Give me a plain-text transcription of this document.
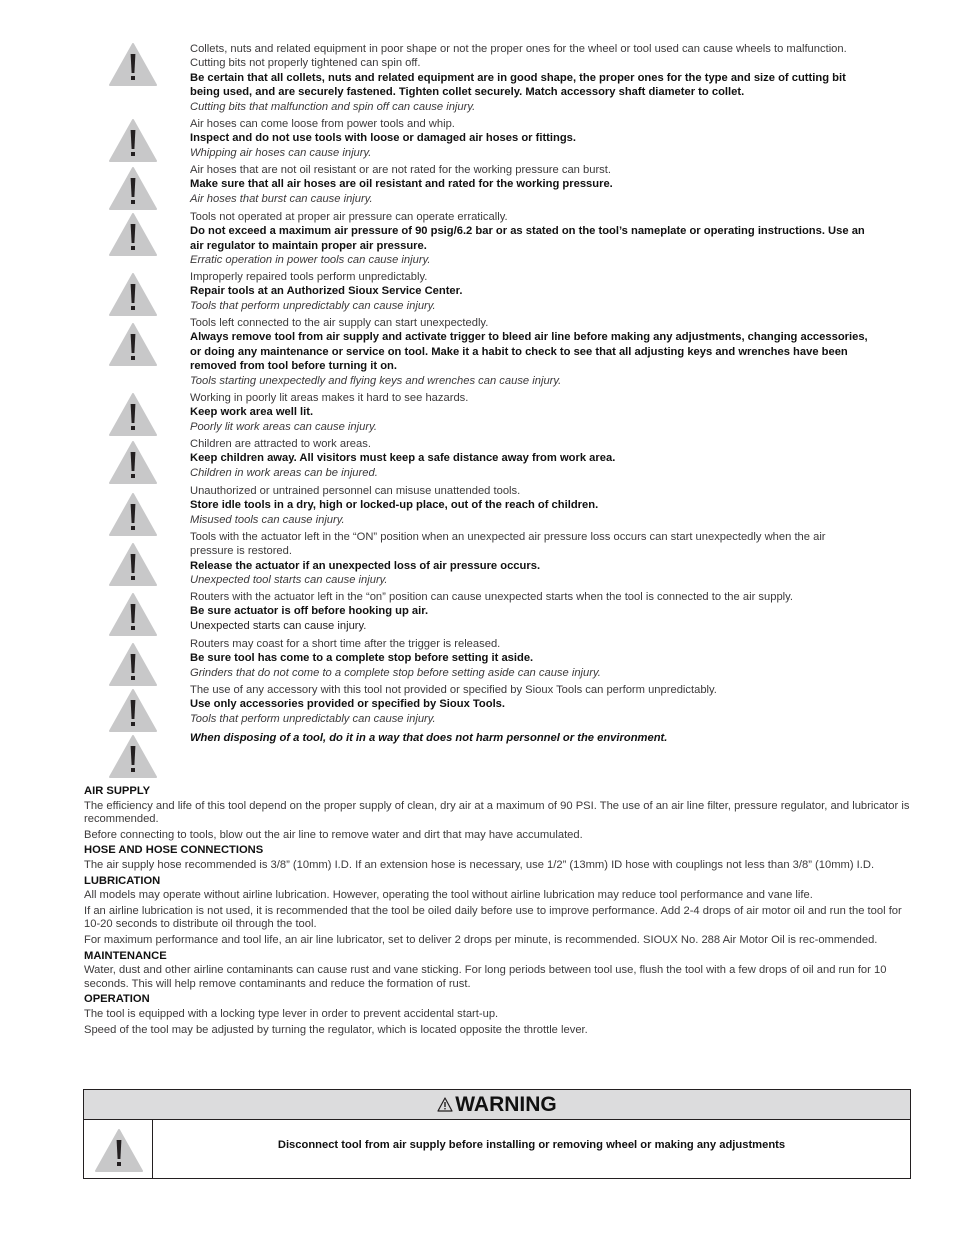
Collets, nuts and related equipment in poor shape or not the proper ones for the wheel or tool used can cause wheels to malfunction.
Cutting bits not properly tightened can spin off.
Be certain that all collets, nuts and related equipment are in good shape, the proper ones for the type and size of cutting bit
being used, and are securely fastened. Tighten collet securely. Match accessory shaft diameter to collet.
Cutting bits that malfunction and spin off can cause injury.
Air hoses can come loose from power tools and whip.
Inspect and do not use tools with loose or damaged air hoses or fittings.
Whipping air hoses can cause injury.
Air hoses that are not oil resistant or are not rated for the working pressure can burst.
Make sure that all air hoses are oil resistant and rated for the working pressure.
Air hoses that burst can cause injury.
Tools not operated at proper air pressure can operate erratically.
Do not exceed a maximum air pressure of 90 psig/6.2 bar or as stated on the tool’s nameplate or operating instructions. Use an
air regulator to maintain proper air pressure.
Erratic operation in power tools can cause injury.
Improperly repaired tools perform unpredictably.
Repair tools at an Authorized Sioux Service Center.
Tools that perform unpredictably can cause injury.
Tools left connected to the air supply can start unexpectedly.
Always remove tool from air supply and activate trigger to bleed air line before making any adjustments, changing accessories,
or doing any maintenance or service on tool. Make it a habit to check to see that all adjusting keys and wrenches have been
removed from tool before turning it on.
Tools starting unexpectedly and flying keys and wrenches can cause injury.
Working in poorly lit areas makes it hard to see hazards.
Keep work area well lit.
Poorly lit work areas can cause injury.
Children are attracted to work areas.
Keep children away. All visitors must keep a safe distance away from work area.
Children in work areas can be injured.
Unauthorized or untrained personnel can misuse unattended tools.
Store idle tools in a dry, high or locked-up place, out of the reach of children.
Misused tools can cause injury.
Tools with the actuator left in the “ON” position when an unexpected air pressure loss occurs can start unexpectedly when the air
pressure is restored.
Release the actuator if an unexpected loss of air pressure occurs.
Unexpected tool starts can cause injury.
Routers with the actuator left in the “on” position can cause unexpected starts when the tool is connected to the air supply.
Be sure actuator is off before hooking up air.
Unexpected starts can cause injury.
Routers may coast for a short time after the trigger is released.
Be sure tool has come to a complete stop before setting it aside.
Grinders that do not come to a complete stop before setting aside can cause injury.
The use of any accessory with this tool not provided or specified by Sioux Tools can perform unpredictably.
Use only accessories provided or specified by Sioux Tools.
Tools that perform unpredictably can cause injury.
When disposing of a tool, do it in a way that does not harm personnel or the environment.
AIR SUPPLY
The efficiency and life of this tool depend on the proper supply of clean, dry air at a maximum of 90 PSI. The use of an air line filter, pressure regulator, and lubricator is recommended.
Before connecting to tools, blow out the air line to remove water and dirt that may have accumulated.
HOSE AND HOSE CONNECTIONS
The air supply hose recommended is 3/8” (10mm) I.D. If an extension hose is necessary, use 1/2” (13mm) ID hose with couplings not less than 3/8” (10mm) I.D.
LUBRICATION
All models may operate without airline lubrication. However, operating the tool without airline lubrication may reduce tool performance and vane life.
If an airline lubrication is not used, it is recommended that the tool be oiled daily before use to improve performance. Add 2-4 drops of air motor oil and run the tool for 10-20 seconds to distribute oil through the tool.
For maximum performance and tool life, an air line lubricator, set to deliver 2 drops per minute, is recommended. SIOUX No. 288 Air Motor Oil is rec-ommended.
MAINTENANCE
Water, dust and other airline contaminants can cause rust and vane sticking. For long periods between tool use, flush the tool with a few drops of oil and run for 10 seconds. This will help remove contaminants and reduce the formation of rust.
OPERATION
The tool is equipped with a locking type lever in order to prevent accidental start-up.
Speed of the tool may be adjusted by turning the regulator, which is located opposite the throttle lever.
WARNING
Disconnect tool from air supply before installing or removing wheel or making any adjustments
